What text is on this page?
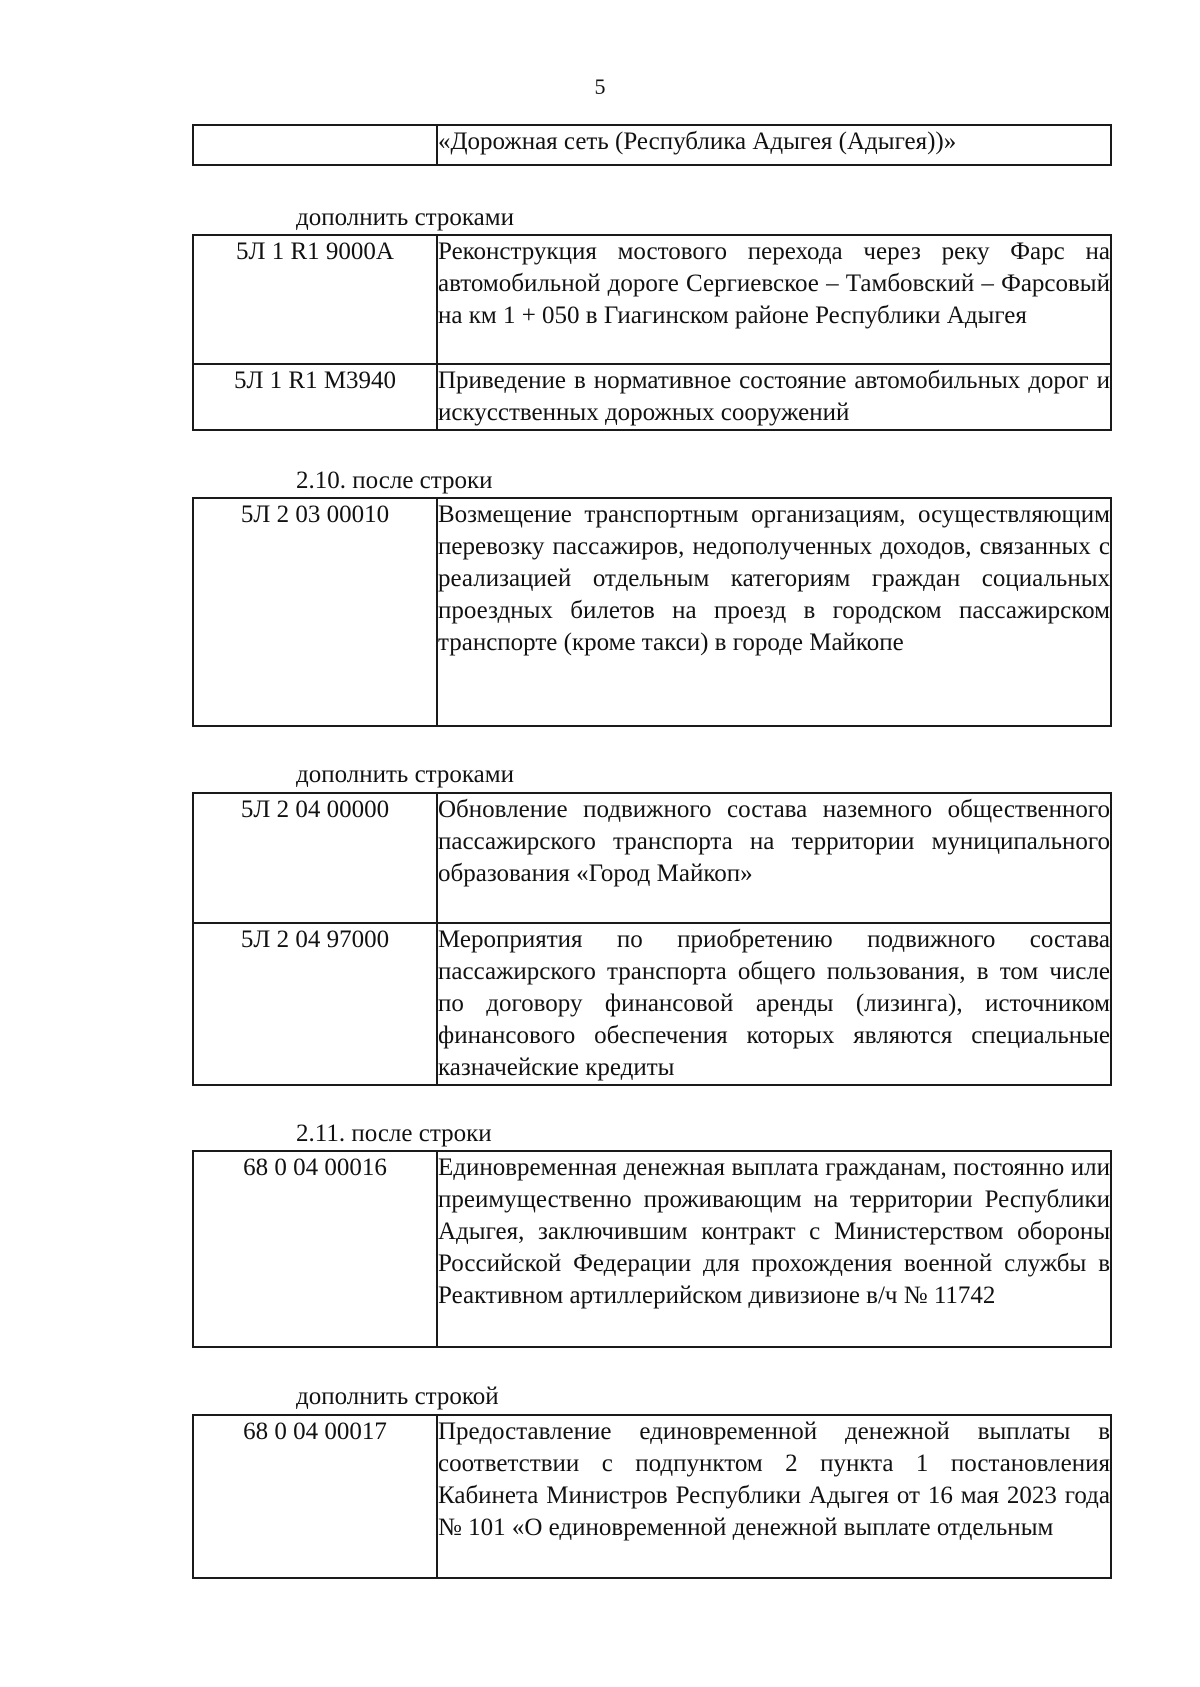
5
	«Дорожная сеть (Республика Адыгея (Адыгея))»
дополнить строками
5Л 1 R1 9000А	Реконструкция мостового перехода через реку Фарс на автомобильной дороге Сергиевское – Тамбовский – Фарсовый на км 1 + 050 в Гиагинском районе Республики Адыгея
5Л 1 R1 М3940	Приведение в нормативное состояние автомобильных дорог и искусственных дорожных сооружений
2.10. после строки
5Л 2 03 00010	Возмещение транспортным организациям, осуществляющим перевозку пассажиров, недополученных доходов, связанных с реализацией отдельным категориям граждан социальных проездных билетов на проезд в городском пассажирском транспорте (кроме такси) в городе Майкопе
дополнить строками
5Л 2 04 00000	Обновление подвижного состава наземного общественного пассажирского транспорта на территории муниципального образования «Город Майкоп»
5Л 2 04 97000	Мероприятия по приобретению подвижного состава пассажирского транспорта общего пользования, в том числе по договору финансовой аренды (лизинга), источником финансового обеспечения которых являются специальные казначейские кредиты
2.11. после строки
68 0 04 00016	Единовременная денежная выплата гражданам, постоянно или преимущественно проживающим на территории Республики Адыгея, заключившим контракт с Министерством обороны Российской Федерации для прохождения военной службы в Реактивном артиллерийском дивизионе в/ч № 11742
дополнить строкой
68 0 04 00017	Предоставление единовременной денежной выплаты в соответствии с подпунктом 2 пункта 1 постановления Кабинета Министров Республики Адыгея от 16 мая 2023 года № 101 «О единовременной денежной выплате отдельным
